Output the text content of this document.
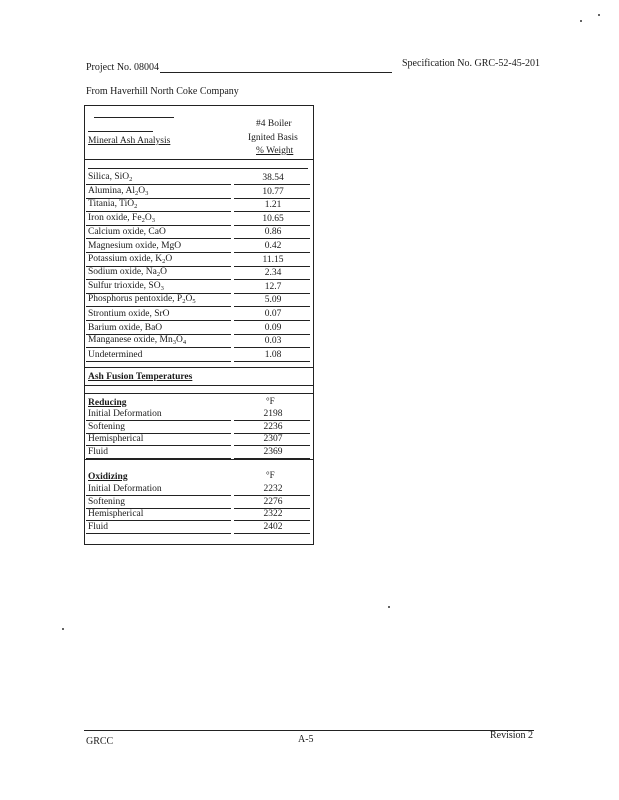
Project No. 08004	Specification No. GRC-52-45-201
From Haverhill North Coke Company
#4 Boiler
Ignited Basis
% Weight
Mineral Ash Analysis
Silica, SiO$_2$	38.54
Alumina, $Al_2O_3$	10.77
Titania, TiO$_2$	1.21
Iron oxide, $Fe_2O_3$	10.65
Calcium oxide, CaO	0.86
Magnesium oxide, MgO	0.42
Potassium oxide, $K_2O$	11.15
Sodium oxide, $Na_2O$	2.34
Sulfur trioxide, $SO_3$	12.7
Phosphorus pentoxide, $P_2O_5$	5.09
Strontium oxide, SrO	0.07
Barium oxide, BaO	0.09
Manganese oxide, $Mn_3O_4$	0.03
Undetermined	1.08
Ash Fusion Temperatures
Reducing	°F
Initial Deformation	2198
Softening	2236
Hemispherical	2307
Fluid	2369
Oxidizing	°F
Initial Deformation	2232
Softening	2276
Hemispherical	2322
Fluid	2402
GRCC	A-5	Revision 2
